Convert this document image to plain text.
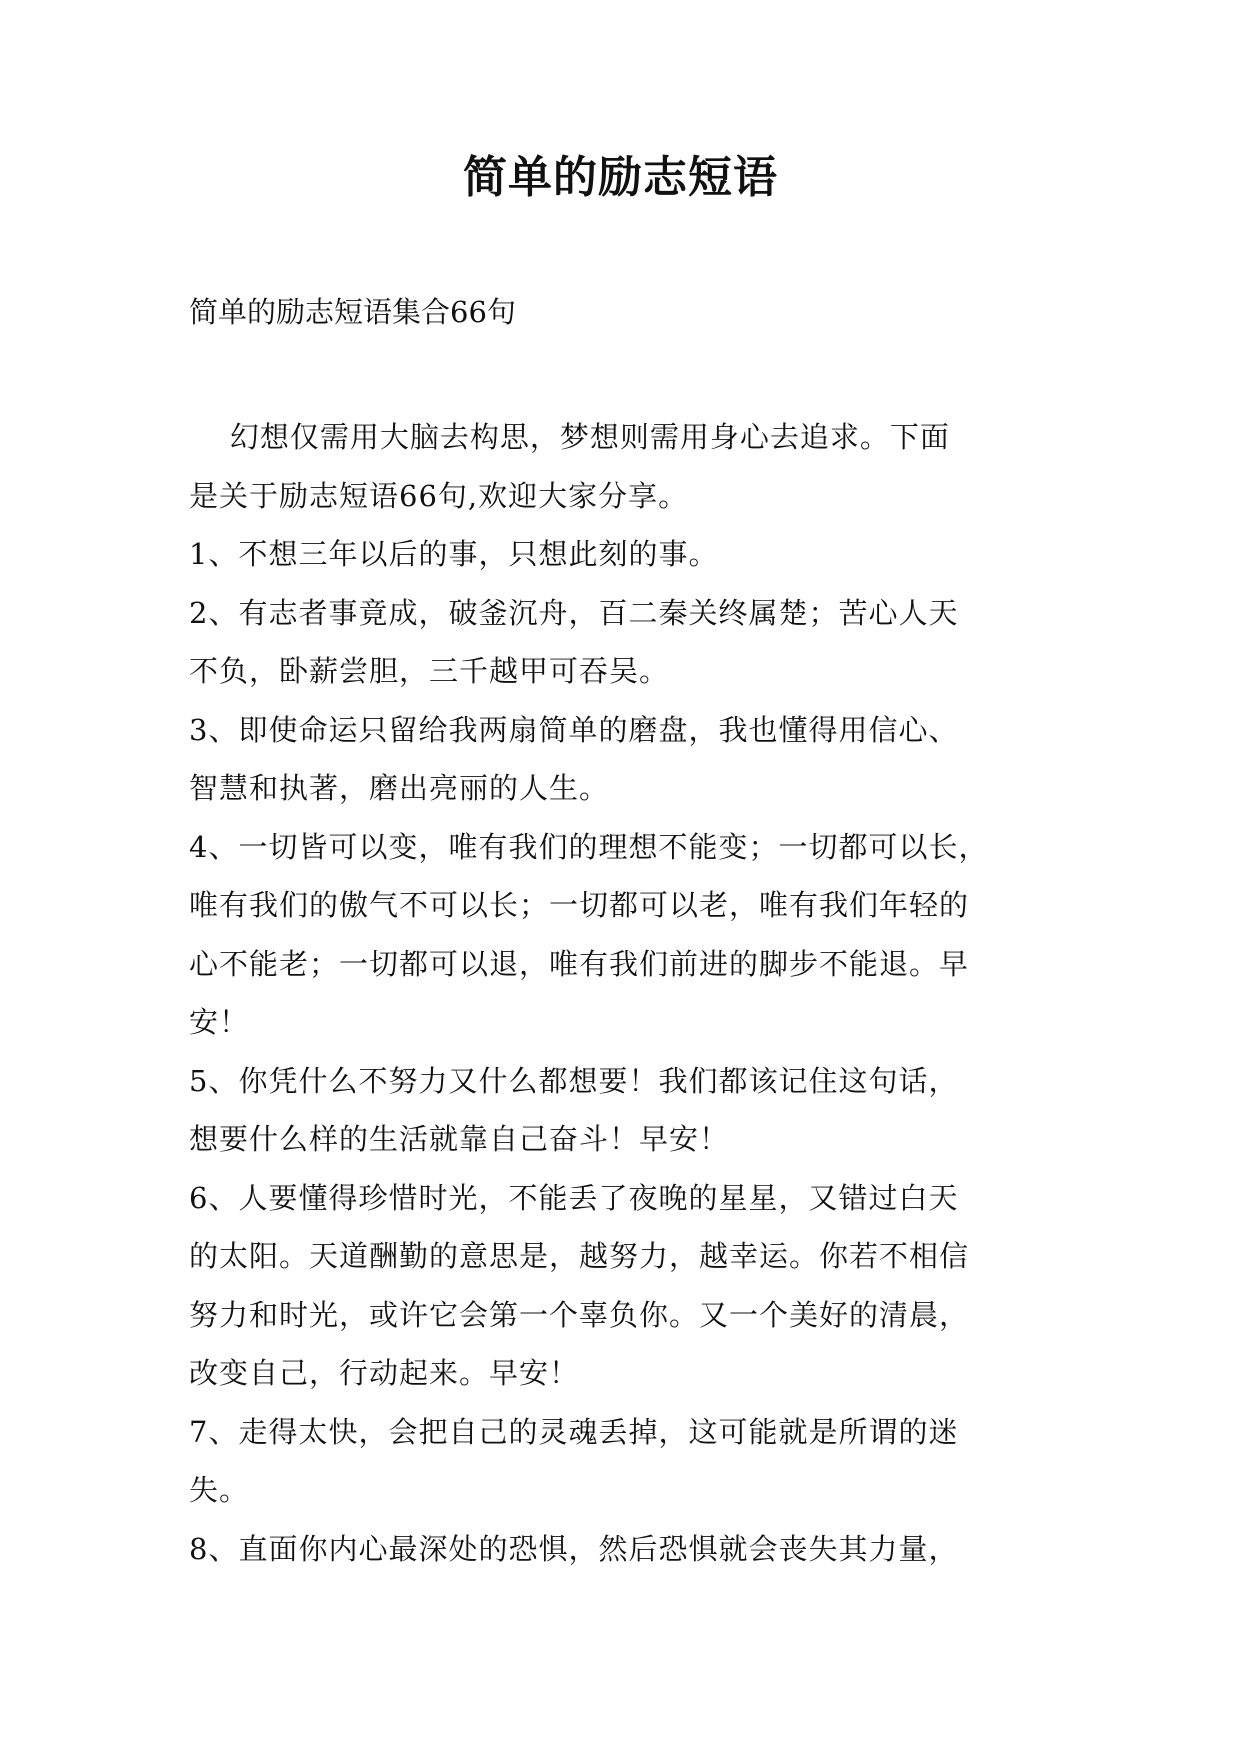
简单的励志短语
简单的励志短语集合66句
幻想仅需用大脑去构思，梦想则需用身心去追求。下面
是关于励志短语66句,欢迎大家分享。
1、不想三年以后的事，只想此刻的事。
2、有志者事竟成，破釜沉舟，百二秦关终属楚；苦心人天
不负，卧薪尝胆，三千越甲可吞吴。
3、即使命运只留给我两扇简单的磨盘，我也懂得用信心、
智慧和执著，磨出亮丽的人生。
4、一切皆可以变，唯有我们的理想不能变；一切都可以长，
唯有我们的傲气不可以长；一切都可以老，唯有我们年轻的
心不能老；一切都可以退，唯有我们前进的脚步不能退。早
安！
5、你凭什么不努力又什么都想要！我们都该记住这句话，
想要什么样的生活就靠自己奋斗！早安！
6、人要懂得珍惜时光，不能丢了夜晚的星星，又错过白天
的太阳。天道酬勤的意思是，越努力，越幸运。你若不相信
努力和时光，或许它会第一个辜负你。又一个美好的清晨，
改变自己，行动起来。早安！
7、走得太快，会把自己的灵魂丢掉，这可能就是所谓的迷
失。
8、直面你内心最深处的恐惧，然后恐惧就会丧失其力量，
